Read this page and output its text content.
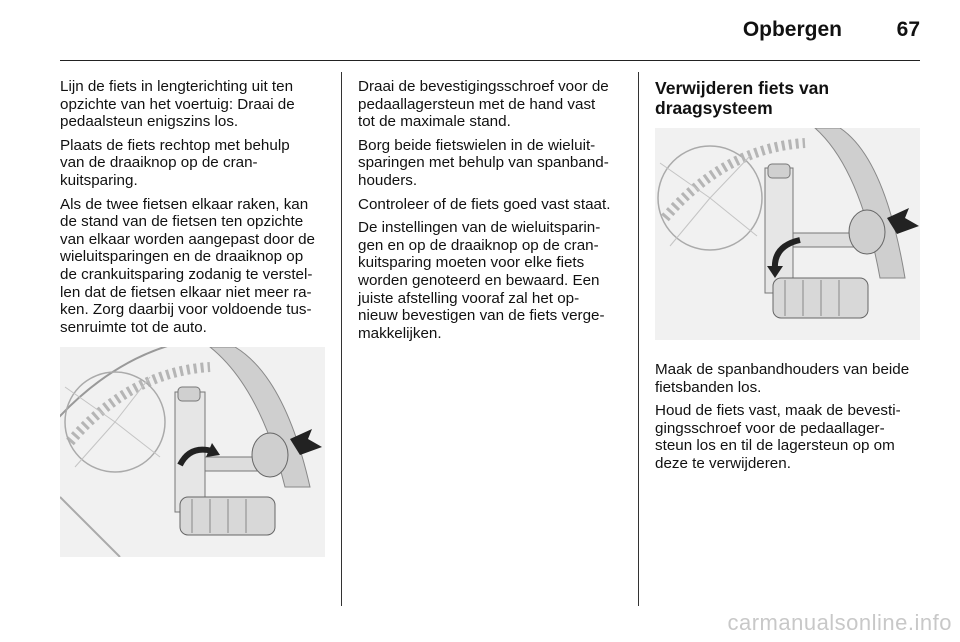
Opbergen	67

Lijn de fiets in lengterichting uit ten
opzichte van het voertuig: Draai de
pedaalsteun enigszins los.

Plaats de fiets rechtop met behulp
van de draaiknop op de cran-
kuitsparing.

Als de twee fietsen elkaar raken, kan
de stand van de fietsen ten opzichte
van elkaar worden aangepast door de
wieluitsparingen en de draaiknop op
de crankuitsparing zodanig te verstel-
len dat de fietsen elkaar niet meer ra-
ken. Zorg daarbij voor voldoende tus-
senruimte tot de auto.

Draai de bevestigingsschroef voor de
pedaallagersteun met de hand vast
tot de maximale stand.

Borg beide fietswielen in de wieluit-
sparingen met behulp van spanband-
houders.

Controleer of de fiets goed vast staat.

De instellingen van de wieluitsparin-
gen en op de draaiknop op de cran-
kuitsparing moeten voor elke fiets
worden genoteerd en bewaard. Een
juiste afstelling vooraf zal het op-
nieuw bevestigen van de fiets verge-
makkelijken.

Verwijderen fiets van
draagsysteem

Maak de spanbandhouders van beide
fietsbanden los.

Houd de fiets vast, maak de bevesti-
gingsschroef voor de pedaallager-
steun los en til de lagersteun op om
deze te verwijderen.

carmanualsonline.info
